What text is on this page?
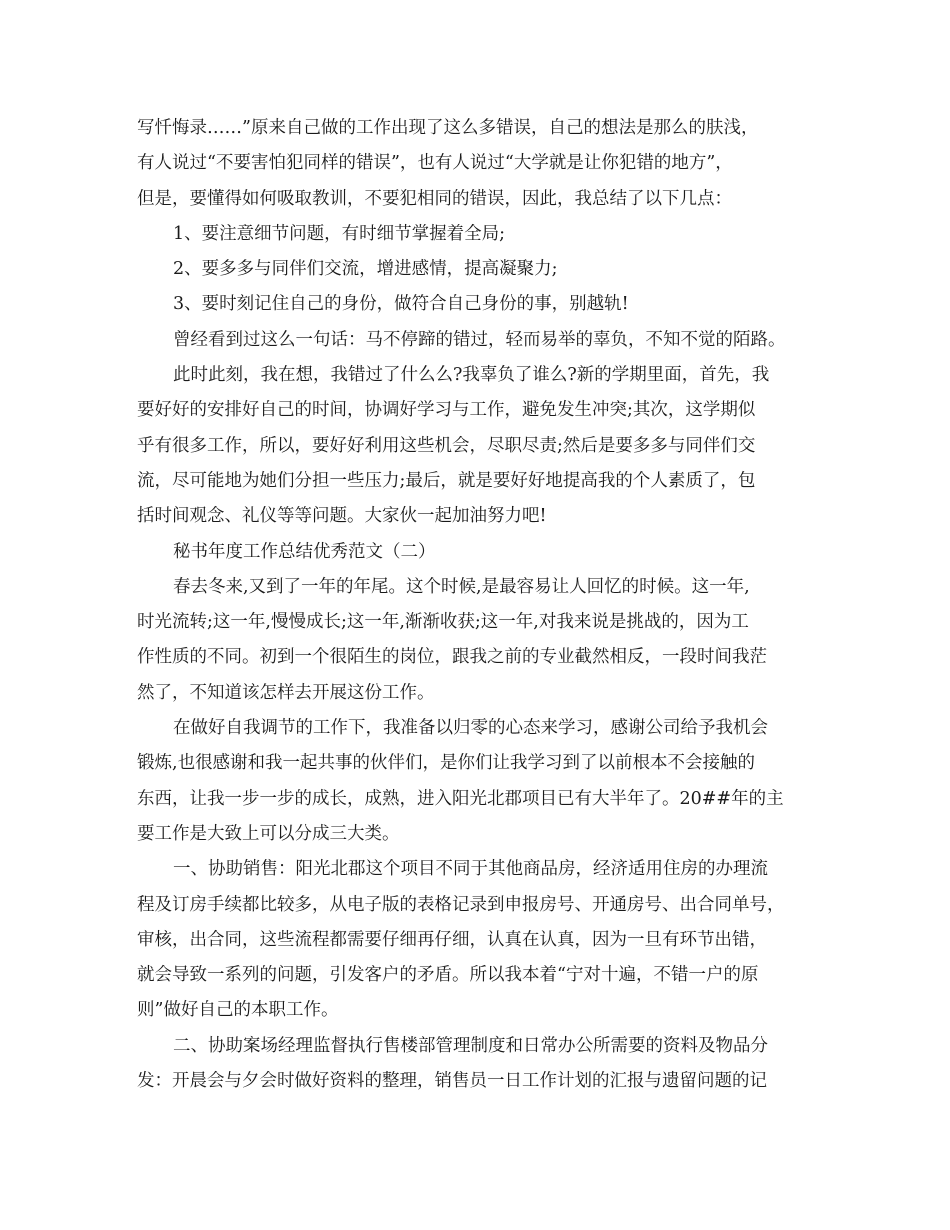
写忏悔录……”原来自己做的工作出现了这么多错误，自己的想法是那么的肤浅，
有人说过“不要害怕犯同样的错误”，也有人说过“大学就是让你犯错的地方”，
但是，要懂得如何吸取教训，不要犯相同的错误，因此，我总结了以下几点：
1、要注意细节问题，有时细节掌握着全局;
2、要多多与同伴们交流，增进感情，提高凝聚力;
3、要时刻记住自己的身份，做符合自己身份的事，别越轨!
曾经看到过这么一句话：马不停蹄的错过，轻而易举的辜负，不知不觉的陌路。
此时此刻，我在想，我错过了什么么?我辜负了谁么?新的学期里面，首先，我
要好好的安排好自己的时间，协调好学习与工作，避免发生冲突;其次，这学期似
乎有很多工作，所以，要好好利用这些机会，尽职尽责;然后是要多多与同伴们交
流，尽可能地为她们分担一些压力;最后，就是要好好地提高我的个人素质了，包
括时间观念、礼仪等等问题。大家伙一起加油努力吧!
秘书年度工作总结优秀范文（二）
春去冬来,又到了一年的年尾。这个时候,是最容易让人回忆的时候。这一年,
时光流转;这一年,慢慢成长;这一年,渐渐收获;这一年,对我来说是挑战的，因为工
作性质的不同。初到一个很陌生的岗位，跟我之前的专业截然相反，一段时间我茫
然了，不知道该怎样去开展这份工作。
在做好自我调节的工作下，我准备以归零的心态来学习，感谢公司给予我机会
锻炼,也很感谢和我一起共事的伙伴们，是你们让我学习到了以前根本不会接触的
东西，让我一步一步的成长，成熟，进入阳光北郡项目已有大半年了。20##年的主
要工作是大致上可以分成三大类。
一、协助销售：阳光北郡这个项目不同于其他商品房，经济适用住房的办理流
程及订房手续都比较多，从电子版的表格记录到申报房号、开通房号、出合同单号，
审核，出合同，这些流程都需要仔细再仔细，认真在认真，因为一旦有环节出错，
就会导致一系列的问题，引发客户的矛盾。所以我本着“宁对十遍，不错一户的原
则”做好自己的本职工作。
二、协助案场经理监督执行售楼部管理制度和日常办公所需要的资料及物品分
发：开晨会与夕会时做好资料的整理，销售员一日工作计划的汇报与遗留问题的记
